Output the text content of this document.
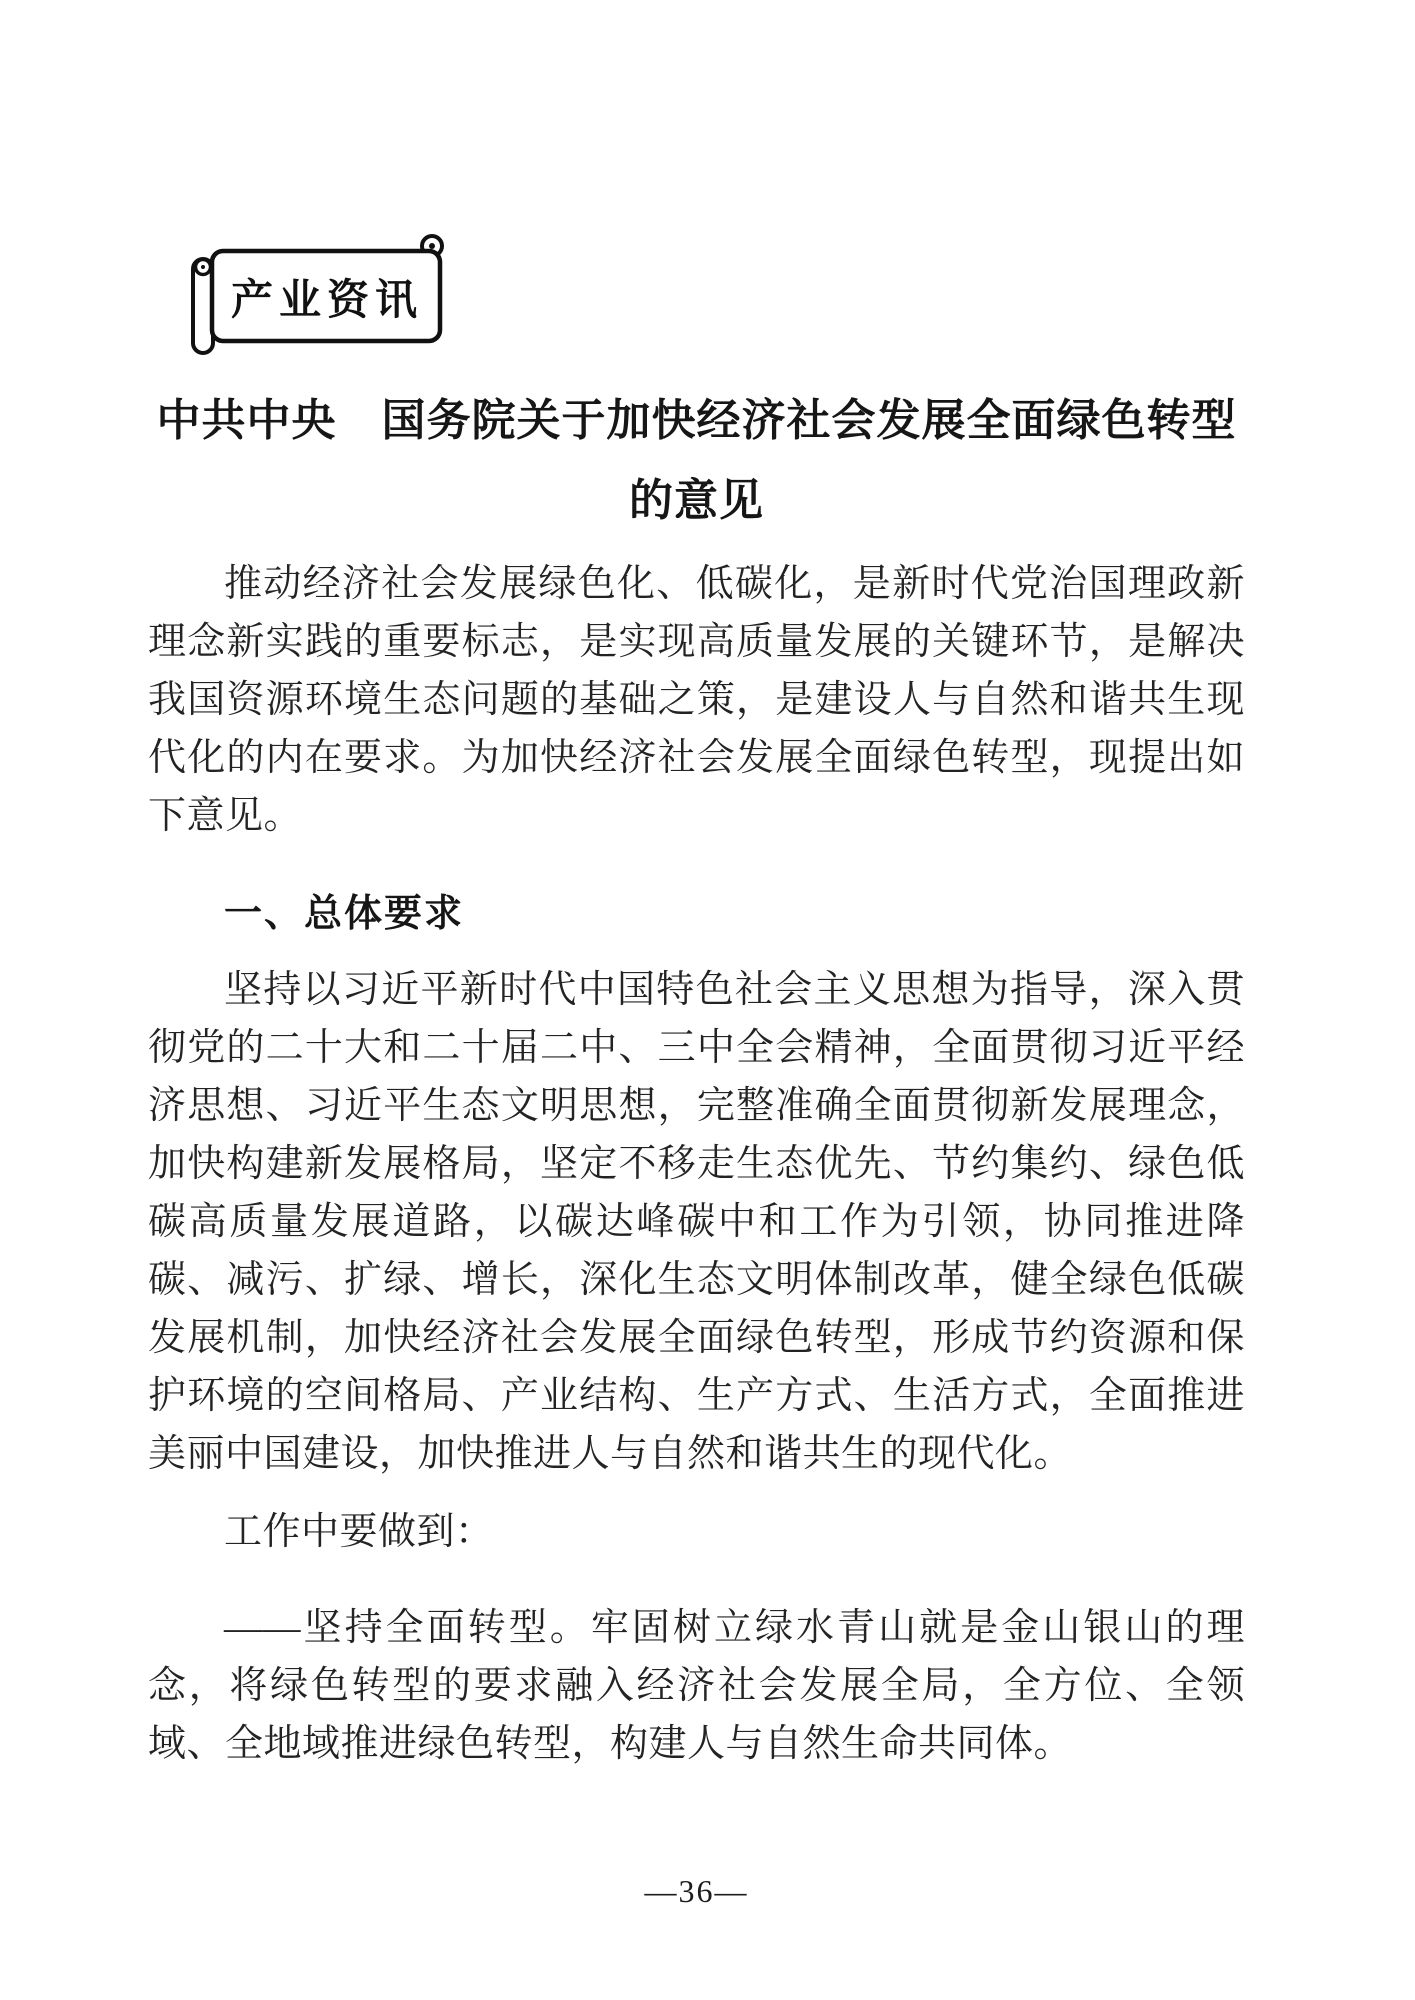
产业资讯
中共中央　国务院关于加快经济社会发展全面绿色转型
的意见

推动经济社会发展绿色化、低碳化，是新时代党治国理政新理念新实践的重要标志，是实现高质量发展的关键环节，是解决我国资源环境生态问题的基础之策，是建设人与自然和谐共生现代化的内在要求。为加快经济社会发展全面绿色转型，现提出如下意见。

一、总体要求

坚持以习近平新时代中国特色社会主义思想为指导，深入贯彻党的二十大和二十届二中、三中全会精神，全面贯彻习近平经济思想、习近平生态文明思想，完整准确全面贯彻新发展理念，加快构建新发展格局，坚定不移走生态优先、节约集约、绿色低碳高质量发展道路，以碳达峰碳中和工作为引领，协同推进降碳、减污、扩绿、增长，深化生态文明体制改革，健全绿色低碳发展机制，加快经济社会发展全面绿色转型，形成节约资源和保护环境的空间格局、产业结构、生产方式、生活方式，全面推进美丽中国建设，加快推进人与自然和谐共生的现代化。

工作中要做到：

——坚持全面转型。牢固树立绿水青山就是金山银山的理念，将绿色转型的要求融入经济社会发展全局，全方位、全领域、全地域推进绿色转型，构建人与自然生命共同体。

—36—
